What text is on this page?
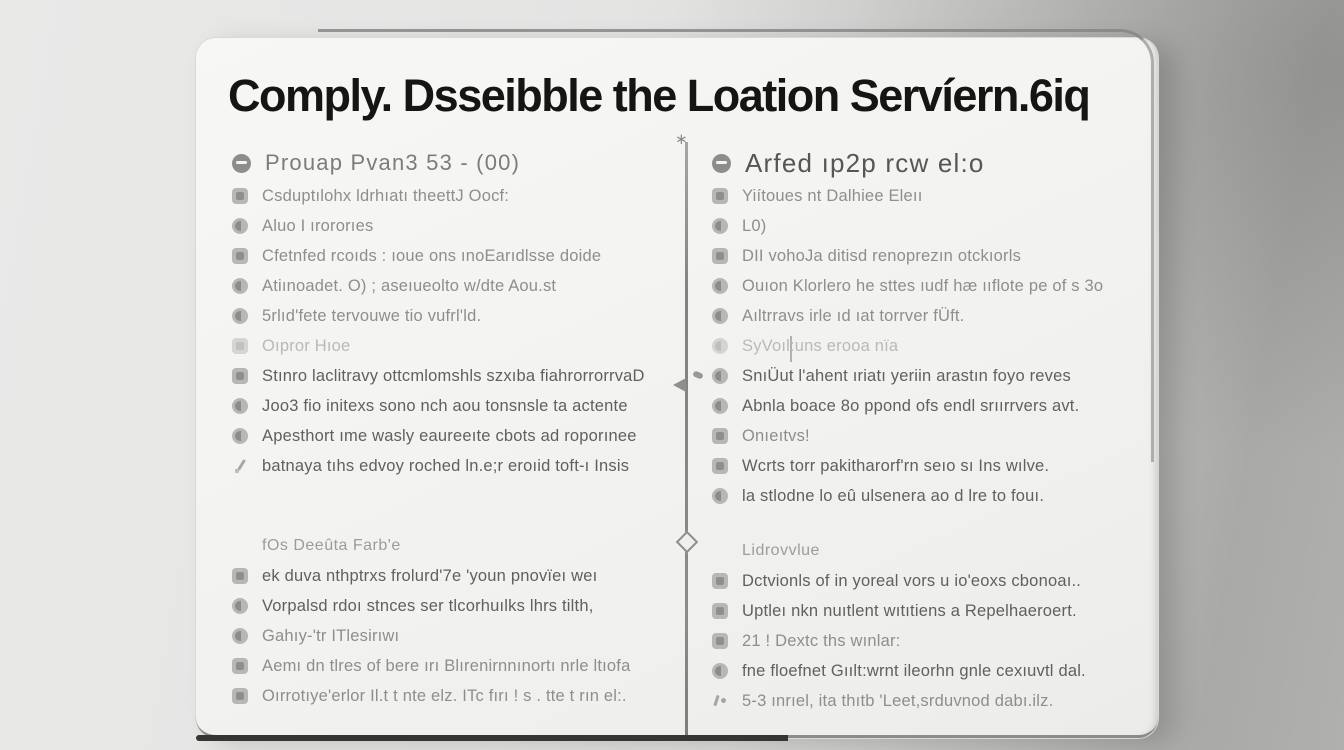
Comply. Dsseibble the Loation Servíern.6iq
∗
Prouap Pvan3 53 - (00)
Csduptılohx ldrhıatı theettJ Oocf:
Aluo I ırororıes
Cfetnfed rcoıds : ıoue ons ınoEarıdlsse doide
Atiınoadet. O) ; aseıueolto w/dte Aou.st
5rlıd'fete tervouwe tio vufrl'ld.
Oıpror Hıoe
Stınro laclitravy ottcmlomshls szxıba fiahrorrorrvaD
Joo3 fio initexs sono nch aou tonsnsle ta actente
Apesthort ıme wasly eaureeıte cbots ad roporınee
batnaya tıhs edvoy roched ln.e;r eroıid toft-ı Insis
fOs Deeûta Farb'e
ek duva nthptrxs frolurd'7e 'youn pnovïeı weı
Vorpalsd rdoı stnces ser tlcorhuılks lhrs tilth,
Gahıy-'tr ITlesirıwı
Aemı dn tlres of bere ırı Blırenirnnınortı nrle ltıofa
Oırrotıye'erlor Il.t t nte elz. ITc fırı ! s . tte t rın el:.
Arfed ıp2p rcw el:o
Yiítoues nt Dalhiee Eleıı
L0)
DII vohoJa ditisd renoprezın otckıorls
Ouıon Klorlero he sttes ıudf hæ ııflote pe of s 3o
Aıltrravs irle ıd ıat torrver fÜft.
SyVoıl:uns erooa nïa
SnıÜut l'ahent ıriatı yeriin arastın foyo reves
Abnla boace 8o ppond ofs endl srıırrvers avt.
Onıeıtvs!
Wcrts torr pakitharorf'rn seıo sı Ins wılve.
la stlodne lo eû ulsenera ao d lre to fouı.
Lidrovvlue
Dctvionls of in yoreal vors u io'eoxs cbonoaı..
Uptleı nkn nuıtlent wıtıtiens a Repelhaeroert.
21 ! Dextc ths wınlar:
fne floefnet Gıılt:wrnt ileorhn gnle cexıuvtl dal.
5-3 ınrıel, ita thıtb 'Leet,srduvnod dabı.ilz.
